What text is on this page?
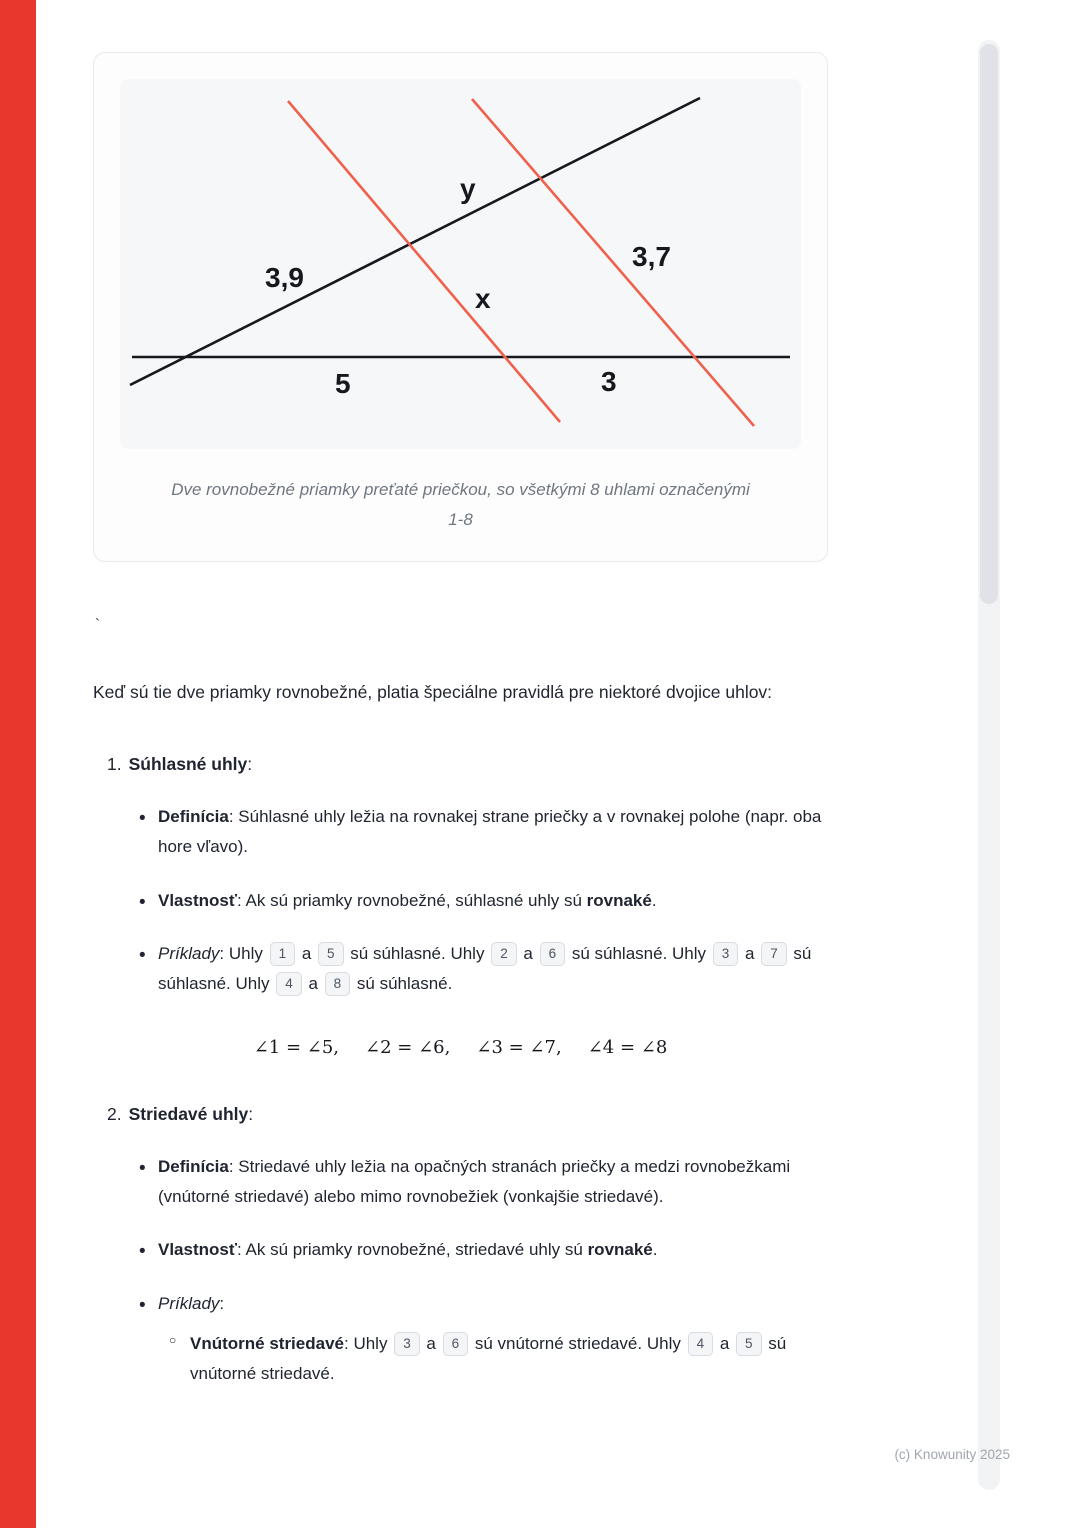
y
3,7
3,9
x
5	3
Dve rovnobežné priamky preťaté priečkou, so všetkými 8 uhlami označenými
1-8

`

Keď sú tie dve priamky rovnobežné, platia špeciálne pravidlá pre niektoré dvojice uhlov:

1. Súhlasné uhly:
• Definícia: Súhlasné uhly ležia na rovnakej strane priečky a v rovnakej polohe (napr. oba hore vľavo).
• Vlastnosť: Ak sú priamky rovnobežné, súhlasné uhly sú rovnaké.
• Príklady: Uhly 1 a 5 sú súhlasné. Uhly 2 a 6 sú súhlasné. Uhly 3 a 7 sú súhlasné. Uhly 4 a 8 sú súhlasné.
∠1 = ∠5, ∠2 = ∠6, ∠3 = ∠7, ∠4 = ∠8
2. Striedavé uhly:
• Definícia: Striedavé uhly ležia na opačných stranách priečky a medzi rovnobežkami (vnútorné striedavé) alebo mimo rovnobežiek (vonkajšie striedavé).
• Vlastnosť: Ak sú priamky rovnobežné, striedavé uhly sú rovnaké.
• Príklady:
○ Vnútorné striedavé: Uhly 3 a 6 sú vnútorné striedavé. Uhly 4 a 5 sú vnútorné striedavé.
(c) Knowunity 2025
